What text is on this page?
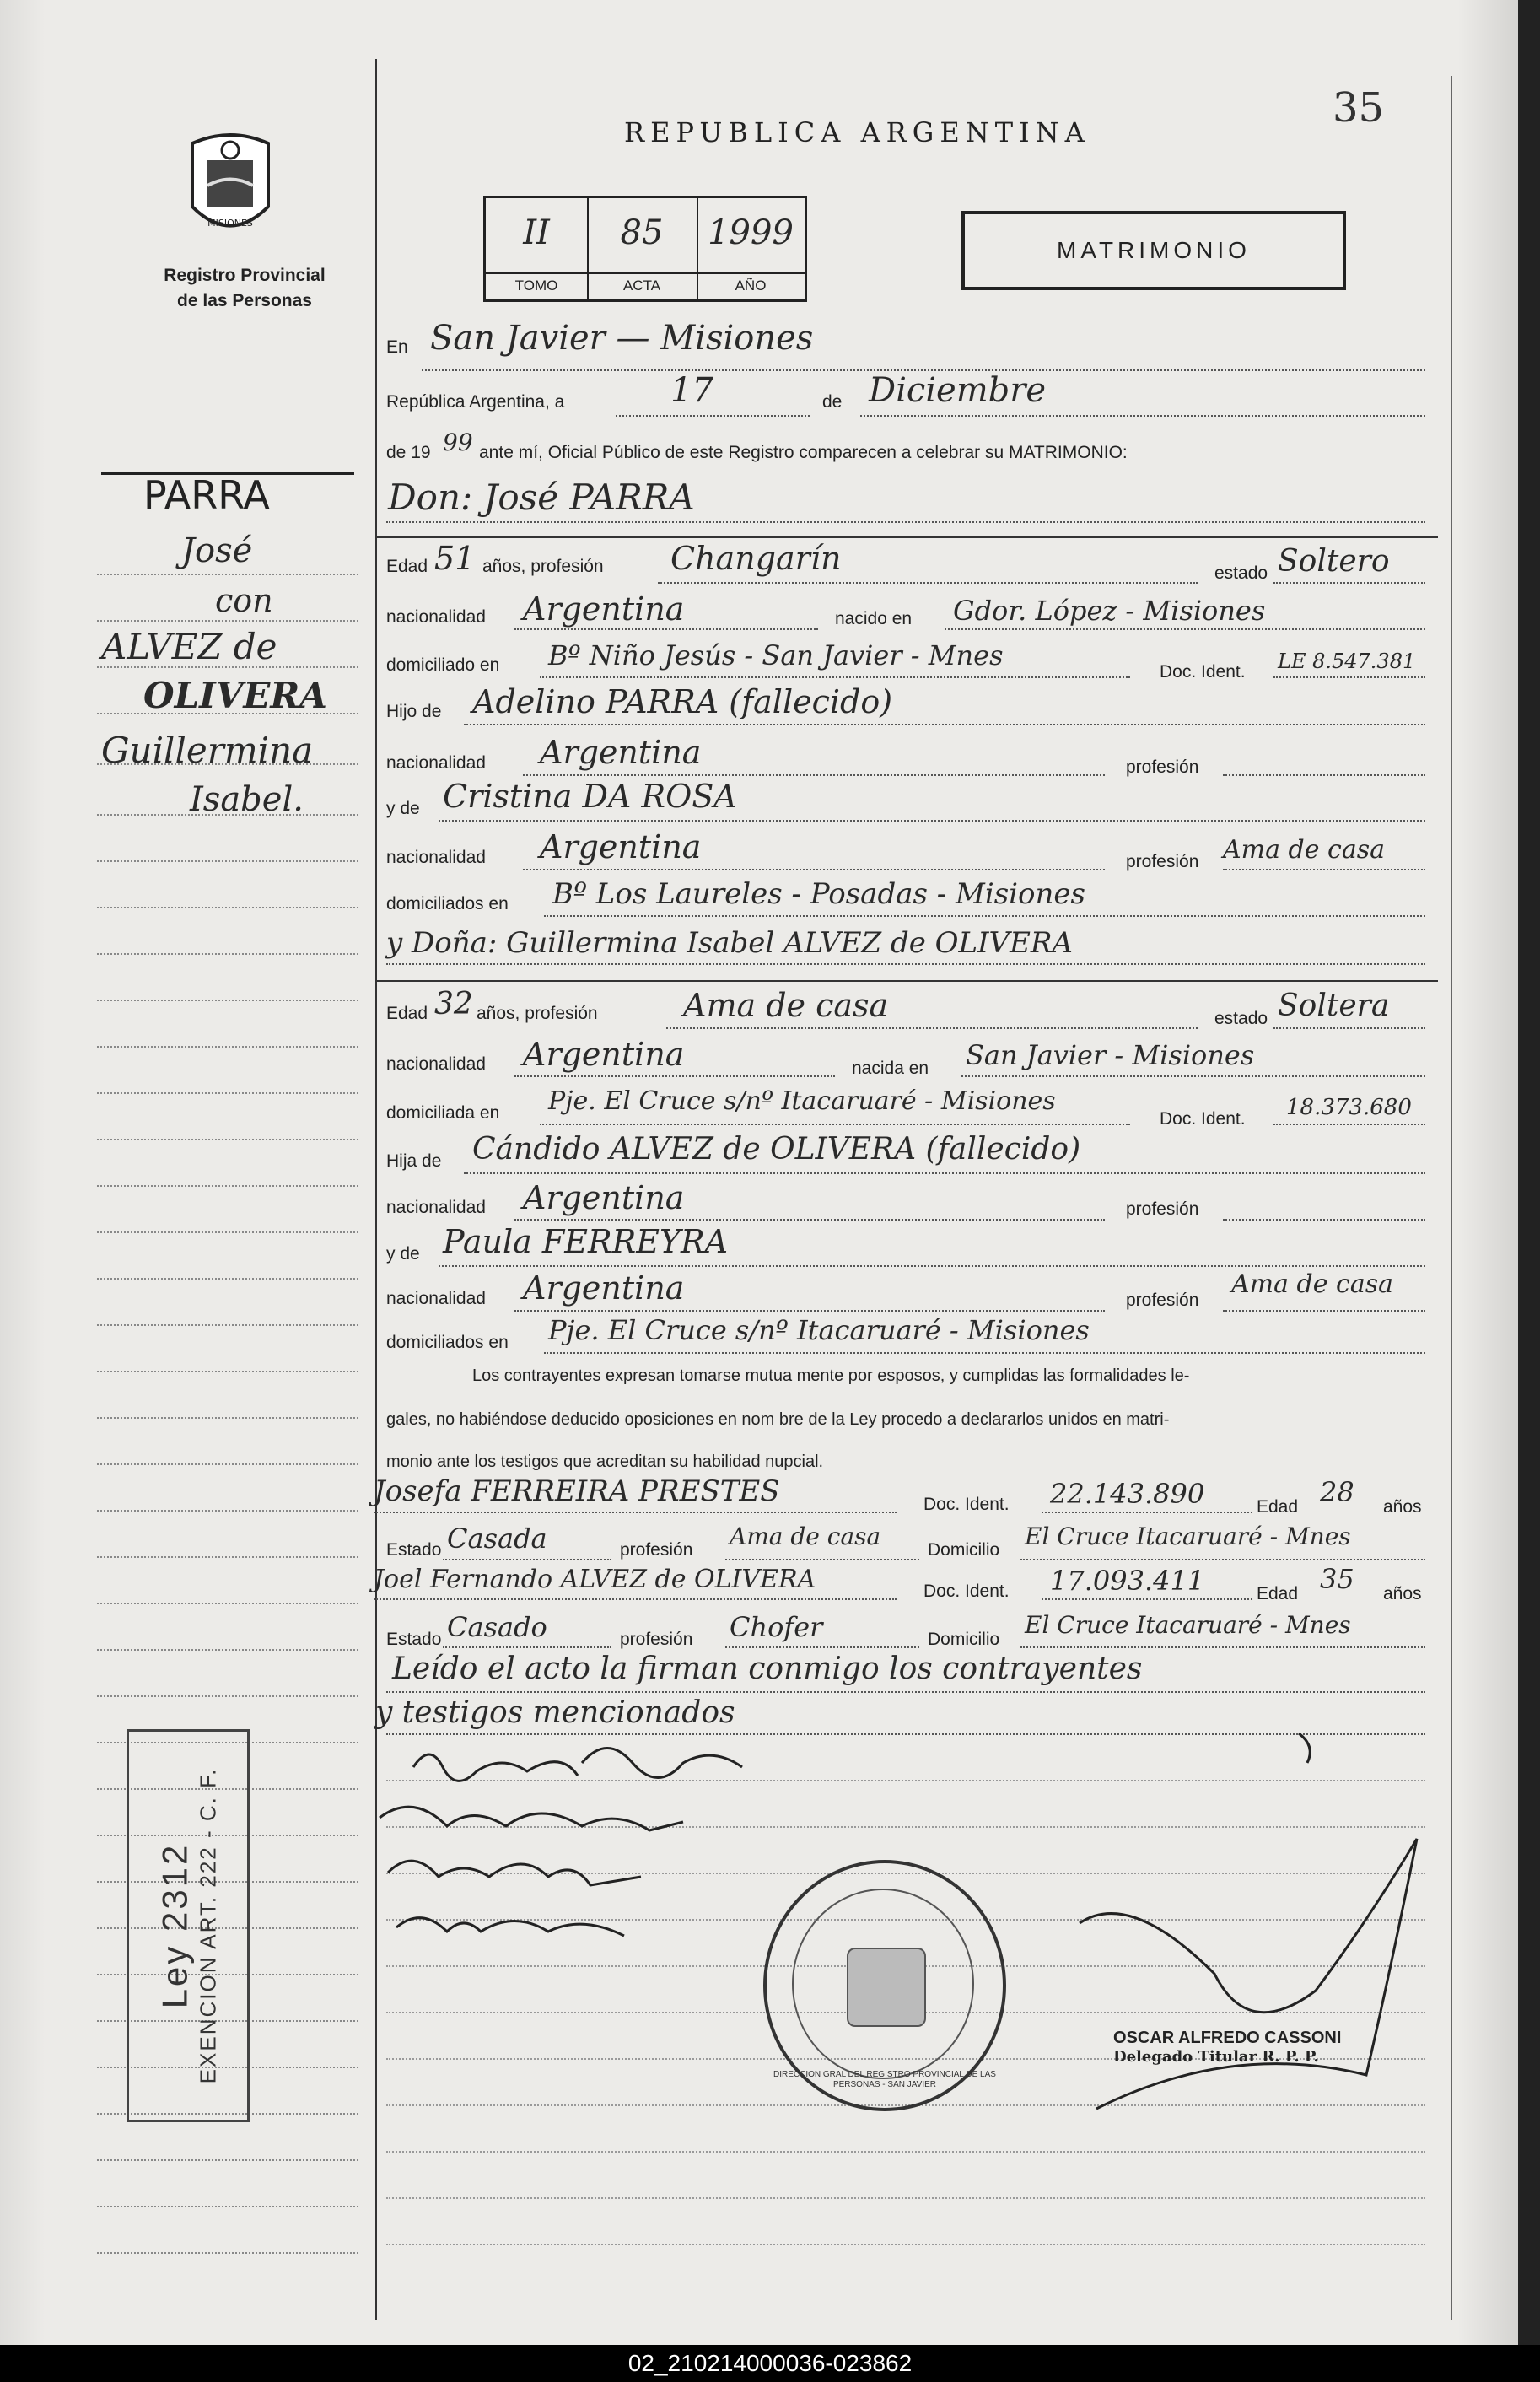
35
MISIONES
Registro Provincial
de las Personas
REPUBLICA ARGENTINA
II
TOMO
85
ACTA
1999
AÑO
MATRIMONIO
PARRA
José
con
ALVEZ de
OLIVERA
Guillermina
Isabel.
Ley 2312 EXENCION ART. 222 - C. F.
En San Javier — Misiones
República Argentina, a	17	de Diciembre
de 19 99 ante mí, Oficial Público de este Registro comparecen a celebrar su MATRIMONIO:
Don: José PARRA
Edad 51 años, profesión Changarín	estado Soltero
nacionalidad Argentina	nacido en Gdor. López - Misiones
domiciliado en Bº Niño Jesús - San Javier - Mnes
Doc. Ident. LE 8.547.381
Hijo de Adelino PARRA (fallecido)
nacionalidad Argentina	profesión
y de Cristina DA ROSA
nacionalidad Argentina	profesión Ama de casa
domiciliados en Bº Los Laureles - Posadas - Misiones
y Doña: Guillermina Isabel ALVEZ de OLIVERA
Edad 32 años, profesión	Ama de casa	estado Soltera
nacionalidad Argentina	nacida en San Javier - Misiones
domiciliada en Pje. El Cruce s/nº Itacaruaré - Misiones
Doc. Ident. 18.373.680
Hija de Cándido ALVEZ de OLIVERA (fallecido)
nacionalidad Argentina	profesión
y de Paula FERREYRA
nacionalidad Argentina	profesión
Ama de casa
domiciliados en Pje. El Cruce s/nº Itacaruaré - Misiones
Los contrayentes expresan tomarse mutua mente por esposos, y cumplidas las formalidades le-
gales, no habiéndose deducido oposiciones en nom bre de la Ley procedo a declararlos unidos en matri-
monio ante los testigos que acreditan su habilidad nupcial.
Josefa FERREIRA PRESTES	Doc. Ident. 22.143.890	Edad 28 años
Estado Casada	profesión Ama de casa	Domicilio El Cruce Itacaruaré - Mnes
Joel Fernando ALVEZ de OLIVERA	Doc. Ident. 17.093.411	Edad 35 años
Estado Casado	profesión Chofer	Domicilio
El Cruce Itacaruaré - Mnes
Leído el acto la firman conmigo los contrayentes
y testigos mencionados
DIRECCION GRAL DEL REGISTRO PROVINCIAL DE LAS PERSONAS - SAN JAVIER
OSCAR ALFREDO CASSONI
Delegado Titular R. P. P.
02_210214000036-023862
